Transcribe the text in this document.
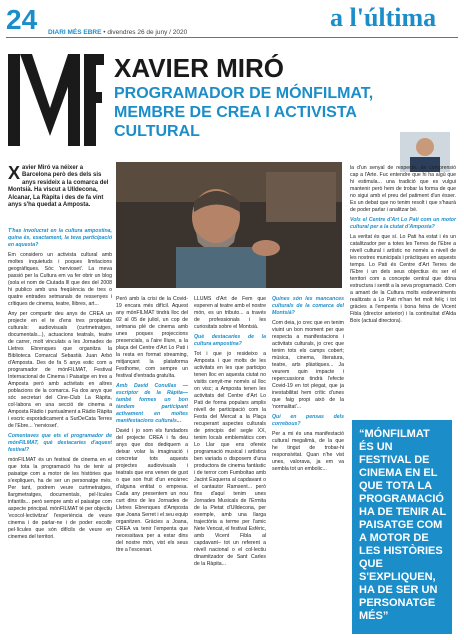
24 DIARI MÉS EBRE • divendres 26 de juny / 2020
a l'última
XAVIER MIRÓ
PROGRAMADOR DE MÓNFILMAT, MEMBRE DE CREA I ACTIVISTA CULTURAL
Xavier Miró va néixer a Barcelona però des dels sis anys resideix a la comarca del Montsià. Ha viscut a Ulldecona, Alcanar, La Ràpita i des de fa vint anys s'ha quedat a Amposta.

T'has involucrat en la cultura ampostina, quina és, exactament, la teva participació en aquesta?

Em considero un activista cultural amb moltes inquietuds i poques limitacions geogràfiques. Sóc 'nervioset'. La meva passió per la Cultura em va fer obrir un blog (sola ei nom de Ciutada lll que des del 2008 hi publico amb una freqüència de tres o quatre entrades setmanals de ressenyes i crítiques de cinema, teatre, llibres, art...

Any per compartir deu anys de CREA un projecte en el te d'ens tres propietats culturals: audiovisuals (curtmetratges, documentals...), actuacions teatrals, teatre de carrer, molt vinculats a les Jornades de Lletres Ebrenques que organitza la Biblioteca Comarcal Sebastià Juan Arbó d'Amposta. Des de fa 5 anys estic com a programador de mónFILMAT, Festival Internacional de Cinema i Paisatge en tres a Amposta però amb activitats en altres poblacions de la comarca. Fa dos anys que sóc secretari del Cine-Club La Ràpita, col·labora en una secció de cinema a Amposta Ràdio i puntualment a Ràdio Ràpita i escric esporàdicament a SurDeCata Terres de l'Ebre... 'nervioset'.

Comentaves que ets el programador de mónFILMAT, què destacaries d'aquest festival?

mónFILMAT és un festival de cinema en el que tota la programació ha de tenir al paisatge com a motor de les històries que s'expliquen, ha de ser un personatge més. Per tant, podrem veure curtmetratges, llargmetratges, documentals, pel·lícules infantils... però sempre amb el paisatge com aspecte principal. mónFILMAT té per objectiu 'ecocol·lectivitzar' l'experiència de veure cinema i de parlar-ne i de poder escollir pel·lícules que són difícils de veure en cinemes del territori.

Però amb la crisi de la Covid-19 encara més difícil. Aquest any mònFILMAT tindrà lloc del 02 al 05 de juliol, un cop de setmana plé de cinema amb unes poques projeccions presencials, a l'aire lliure, a la plaça del Centre d'Art Lo Pati i la resta en format streaming, mitjançant la plataforma Festhome, com sempre un festival d'entrada gratuïta.

Amb David Conullas —escriptor de la Ràpita— també formes un bon tàndem participant activament en moltes manifestacions culturals...

David i jo som els fundadors del projecte CREA i fa deu anys que dos dediquem a deixar volar la imaginació i concretar tots aquests projectes audiovisuals i teatrals que ens venen de gust o que son fruit d'un encàrrec d'alguna entitat o empresa. Cada any presentem un nou curt dins de les Jornades de Lletres Ebrenques d'Amposta que Joana Serret i el seu equip organitzen. Gràcies a Joana, CREA va tenir l'empenta que necessitava per a estar dins del nostre món, vist els seus ttre a l'escenari.

LLUMS d'Art de Fem que esperen al teatre amb el nostre món, es un tributo... a través de professionals i les curiositats sobre el Montsià.

Què destacaries de la cultura ampostina?

Tot i que jo resideixo a Amposta i que molts de les activitats en les que participo tenen lloc en aquesta ciutat no visitis cenyit-me només al lloc on visc; a Amposta tenen les activitats del Centre d'Art Lo Pati de forma populars amplis nivell de participació com la Festa del Mercat a la Plaça recuperant aspectes culturals de principis del segle XX, tenim locals emblemàtics com Lo Llar que ens ofereix programació musical i artística ben variada o disposem d'una productora de cinema fantàstic i de terror com Fumboltao amb Jacint Esquerra al capdavant o el cantautor Ramsent... però fins d'aquí tenim unes Jornades Musicals de l'Ermita de la Pietat d'Ulldecona, per exemple, amb una llarga trajectòria a terme per l'amic Nete Vencat, el festival Esfèric, amb Vicent Fibla al capdavant– tot un referent a nivell nacional o el col·lectiu dinamitzador de Sant Carles de la Ràpita...

la d'un senyal de respecte, de comprensió cap a l'Arte. Fuc entendre que hi ha algú que hi estimula... una tradició que es vulgui mantenir però hem de trobar la forma de que no sigui amb el preu del patiment d'un ésser. Es un debat que no tenim resolt i que s'haurà de poder parlar i analitzar bé.

Vols el Centre d'Art Lo Pati com un motor cultural per a la ciutat d'Amposta?

La veritat és que sí. Lo Pati ha estat i és un catalitzador per a totes les Terres de l'Ebre a nivell cultural i artístic no només a nivell de les nostres municipals i pràctiques en aquests temps. Lo Pati és Centre d'Art Terres de l'Ebre i un dels seus objectius és ser el territori com a concepte central que dóna estructura i sentit a la seva programació. Com a amant de la Cultura molts esdeveniments realitzats a Lo Pati m'han fet molt feliç i tot gràcies a l'empenta i bona feina de Vicent Fibla (director anterior) i la continuïtat d'Alda Boix (actual directora).

Quines són les mancances culturals de la comarca del Montsià?

Com deia, jo crec que en tenim viuint un bon moment per que respecta a manifestacions i activitats culturals, jo crec que tenim tots els camps cobert; música, cinema, literatura, teatre, arts plàstiques... Ja veurem quin impacte i repercussions tindrà l'efecte Covid-19 en tot plegat, que ja inestabilitat hem crític d'unes que faig propi això de la 'normalitat'...

Qui en pensas dels correbous?

Per a mi és una manifestació cultural megalimà, de la que he tingut de trobar-hi responsivitat. Quan n'he vist unes, valorava, ja em va sembla tot un embolic...

“MÓNFILMAT ÉS UN FESTIVAL DE CINEMA EN EL QUE TOTA LA PROGRAMACIÓ HA DE TENIR AL PAISATGE COM A MOTOR DE LES HISTÒRIES QUE S'EXPLIQUEN, HA DE SER UN PERSONATGE MÉS”
